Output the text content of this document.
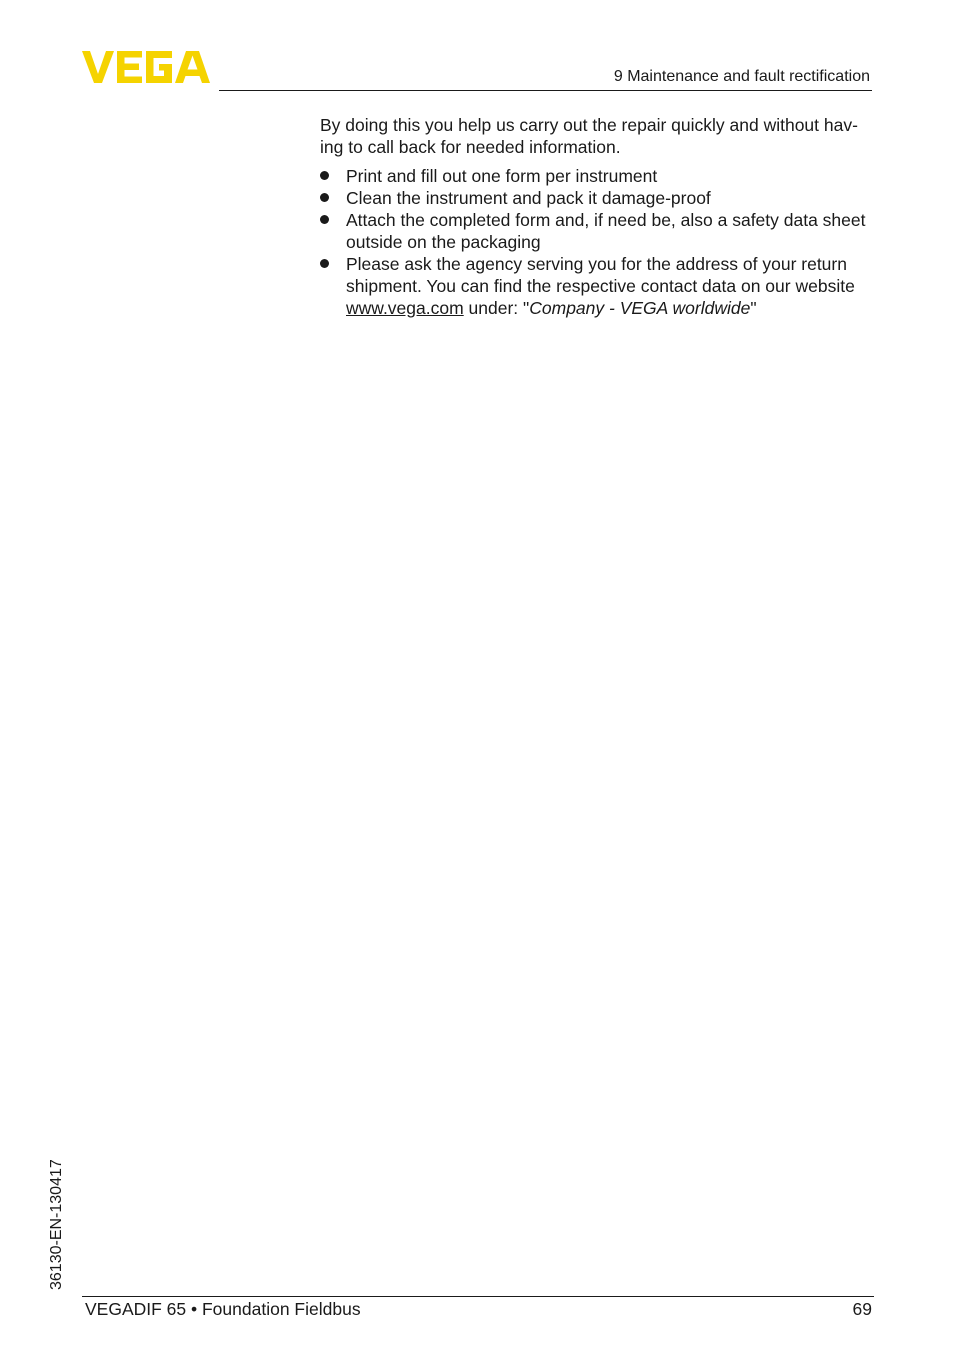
9 Maintenance and fault rectification

By doing this you help us carry out the repair quickly and without hav-ing to call back for needed information.

Print and fill out one form per instrument
Clean the instrument and pack it damage-proof
Attach the completed form and, if need be, also a safety data sheet outside on the packaging
Please ask the agency serving you for the address of your return shipment. You can find the respective contact data on our website www.vega.com under: "Company - VEGA worldwide"
36130-EN-130417
VEGADIF 65 • Foundation Fieldbus	69
